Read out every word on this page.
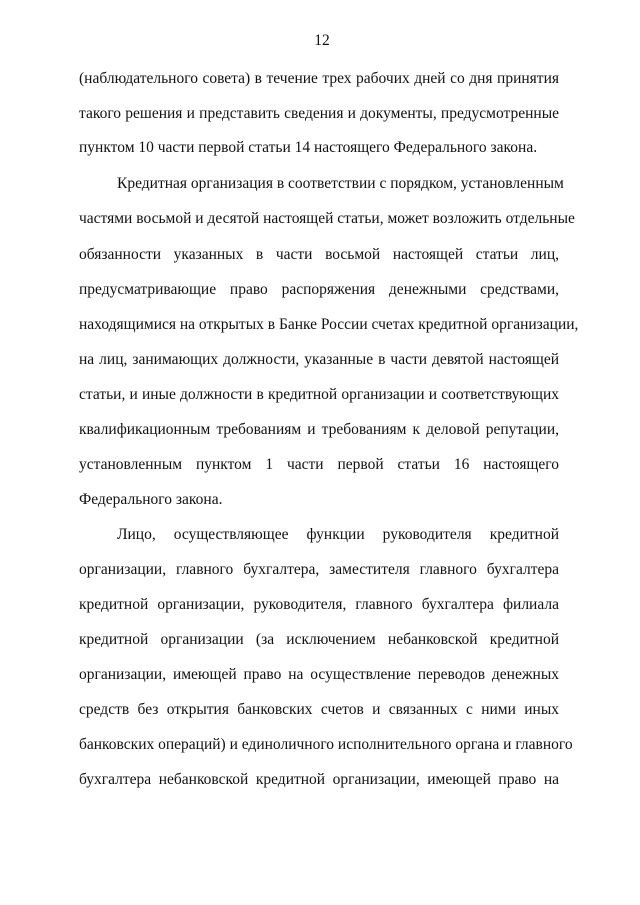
12
(наблюдательного совета) в течение трех рабочих дней со дня принятия
такого решения и представить сведения и документы, предусмотренные
пунктом 10 части первой статьи 14 настоящего Федерального закона.
Кредитная организация в соответствии с порядком, установленным
частями восьмой и десятой настоящей статьи, может возложить отдельные
обязанности указанных в части восьмой настоящей статьи лиц,
предусматривающие право распоряжения денежными средствами,
находящимися на открытых в Банке России счетах кредитной организации,
на лиц, занимающих должности, указанные в части девятой настоящей
статьи, и иные должности в кредитной организации и соответствующих
квалификационным требованиям и требованиям к деловой репутации,
установленным пунктом 1 части первой статьи 16 настоящего
Федерального закона.
Лицо, осуществляющее функции руководителя кредитной
организации, главного бухгалтера, заместителя главного бухгалтера
кредитной организации, руководителя, главного бухгалтера филиала
кредитной организации (за исключением небанковской кредитной
организации, имеющей право на осуществление переводов денежных
средств без открытия банковских счетов и связанных с ними иных
банковских операций) и единоличного исполнительного органа и главного
бухгалтера небанковской кредитной организации, имеющей право на
